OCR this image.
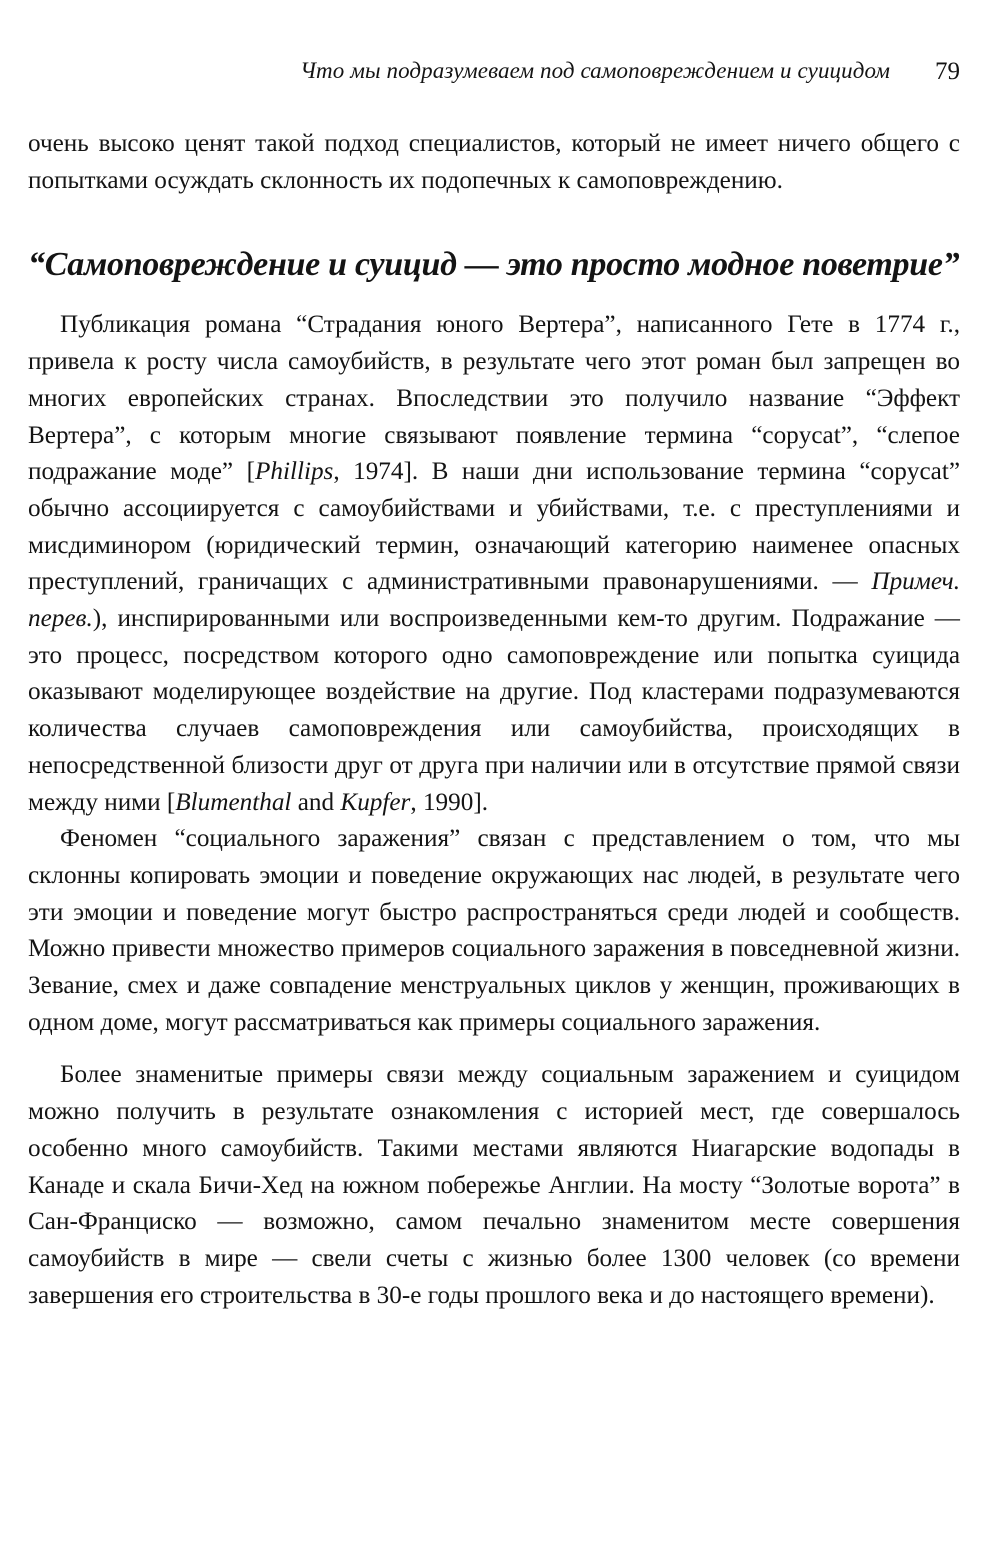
Что мы подразумеваем под самоповреждением и суицидом 79

очень высоко ценят такой подход специалистов, который не имеет ничего общего с попытками осуждать склонность их подопечных к самоповреждению.

“Самоповреждение и суицид — это просто модное поветрие”

Публикация романа “Страдания юного Вертера”, написанного Гете в 1774 г., привела к росту числа самоубийств, в результате чего этот роман был запрещен во многих европейских странах. Впоследствии это получило название “Эффект Вертера”, с которым многие связывают появление термина “copycat”, “слепое подражание моде” [Phillips, 1974]. В наши дни использование термина “copycat” обычно ассоциируется с самоубийствами и убийствами, т.е. с преступлениями и мисдиминором (юридический термин, означающий категорию наименее опасных преступлений, граничащих с административными правонарушениями. — Примеч. перев.), инспирированными или воспроизведенными кем-то другим. Подражание — это процесс, посредством которого одно самоповреждение или попытка суицида оказывают моделирующее воздействие на другие. Под кластерами подразумеваются количества случаев самоповреждения или самоубийства, происходящих в непосредственной близости друг от друга при наличии или в отсутствие прямой связи между ними [Blumenthal and Kupfer, 1990].

Феномен “социального заражения” связан с представлением о том, что мы склонны копировать эмоции и поведение окружающих нас людей, в результате чего эти эмоции и поведение могут быстро распространяться среди людей и сообществ. Можно привести множество примеров социального заражения в повседневной жизни. Зевание, смех и даже совпадение менструальных циклов у женщин, проживающих в одном доме, могут рассматриваться как примеры социального заражения.

Более знаменитые примеры связи между социальным заражением и суицидом можно получить в результате ознакомления с историей мест, где совершалось особенно много самоубийств. Такими местами являются Ниагарские водопады в Канаде и скала Бичи-Хед на южном побережье Англии. На мосту “Золотые ворота” в Сан-Франциско — возможно, самом печально знаменитом месте совершения самоубийств в мире — свели счеты с жизнью более 1300 человек (со времени завершения его строительства в 30-е годы прошлого века и до настоящего времени).
